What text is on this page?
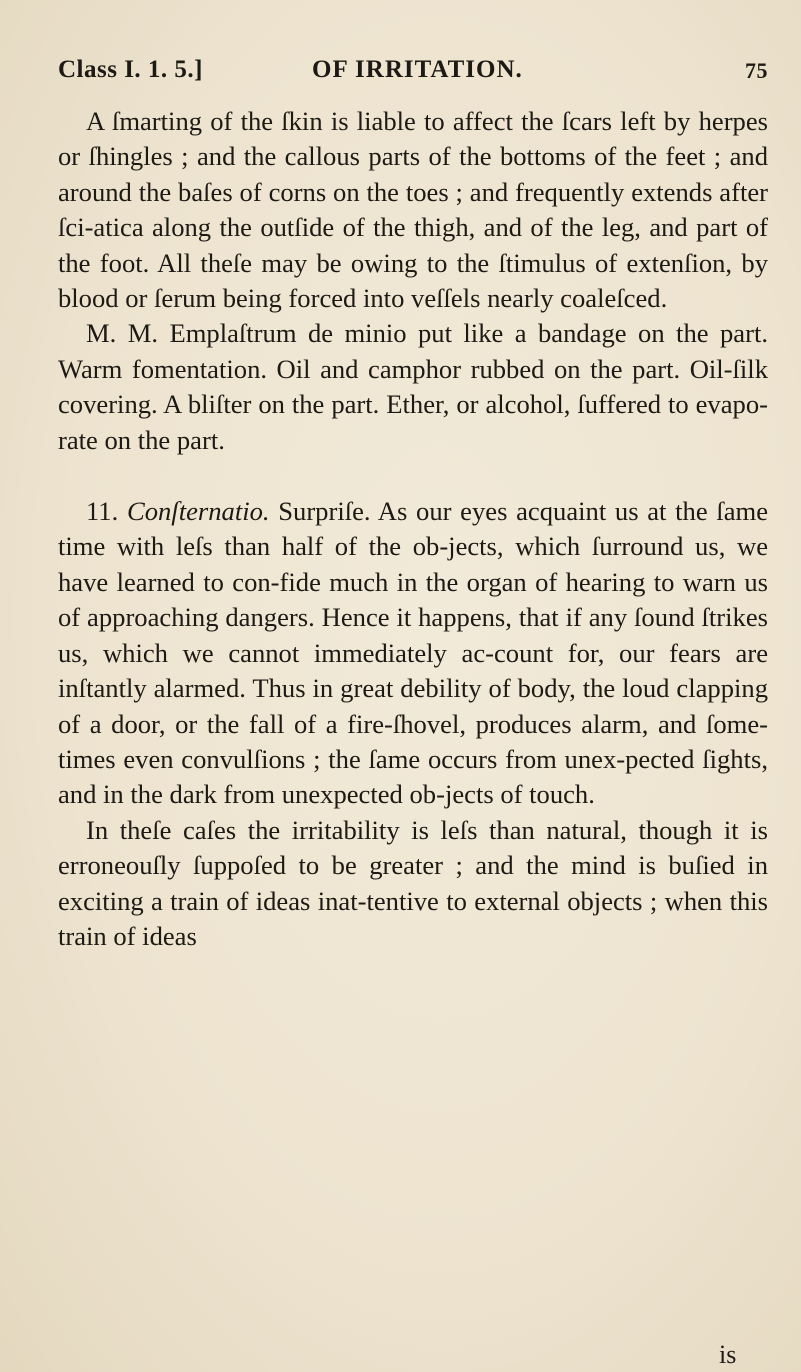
Class I. 1. 5.]	OF IRRITATION.	75

A ſmarting of the ſkin is liable to affect the ſcars left by herpes or ſhingles ; and the callous parts of the bottoms of the feet ; and around the baſes of corns on the toes ; and frequently extends after ſci-atica along the outſide of the thigh, and of the leg, and part of the foot. All theſe may be owing to the ſtimulus of extenſion, by blood or ſerum being forced into veſſels nearly coaleſced.

M. M. Emplaſtrum de minio put like a bandage on the part. Warm fomentation. Oil and camphor rubbed on the part. Oil-ſilk covering. A bliſter on the part. Ether, or alcohol, ſuffered to evapo-rate on the part.

11. Conſternatio. Surpriſe. As our eyes acquaint us at the ſame time with leſs than half of the ob-jects, which ſurround us, we have learned to con-fide much in the organ of hearing to warn us of approaching dangers. Hence it happens, that if any ſound ſtrikes us, which we cannot immediately ac-count for, our fears are inſtantly alarmed. Thus in great debility of body, the loud clapping of a door, or the fall of a fire-ſhovel, produces alarm, and ſome-times even convulſions ; the ſame occurs from unex-pected ſights, and in the dark from unexpected ob-jects of touch.

In theſe caſes the irritability is leſs than natural, though it is erroneouſly ſuppoſed to be greater ; and the mind is buſied in exciting a train of ideas inat-tentive to external objects ; when this train of ideas

is
